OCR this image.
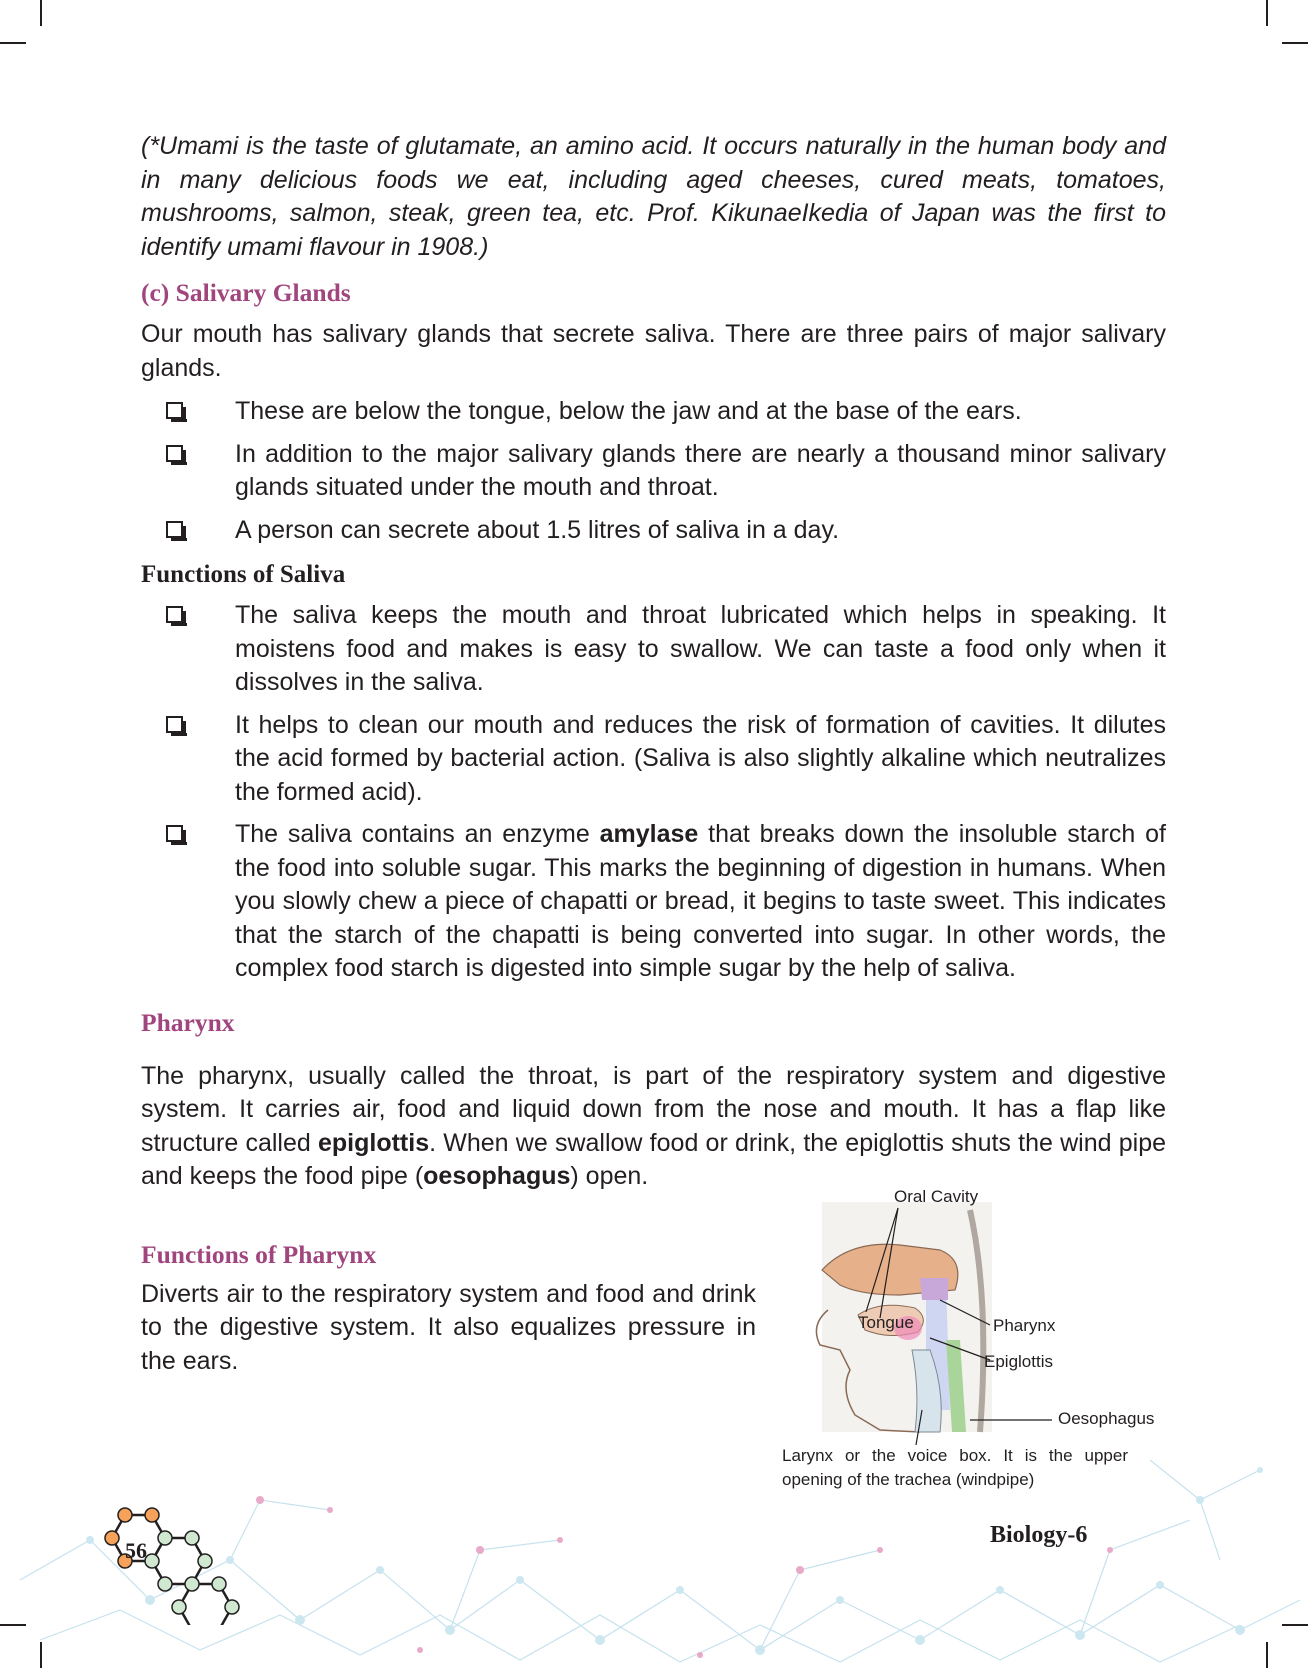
56
Biology-6

(*Umami is the taste of glutamate, an amino acid. It occurs naturally in the human body and in many delicious foods we eat, including aged cheeses, cured meats, tomatoes, mushrooms, salmon, steak, green tea, etc. Prof. KikunaeIkedia of Japan was the first to identify umami flavour in 1908.)

(c) Salivary Glands

Our mouth has salivary glands that secrete saliva. There are three pairs of major salivary glands.

These are below the tongue, below the jaw and at the base of the ears.
In addition to the major salivary glands there are nearly a thousand minor salivary glands situated under the mouth and throat.
A person can secrete about 1.5 litres of saliva in a day.
Functions of Saliva
The saliva keeps the mouth and throat lubricated which helps in speaking. It moistens food and makes is easy to swallow. We can taste a food only when it dissolves in the saliva.
It helps to clean our mouth and reduces the risk of formation of cavities. It dilutes the acid formed by bacterial action. (Saliva is also slightly alkaline which neutralizes the formed acid).
The saliva contains an enzyme amylase that breaks down the insoluble starch of the food into soluble sugar. This marks the beginning of digestion in humans. When you slowly chew a piece of chapatti or bread, it begins to taste sweet. This indicates that the starch of the chapatti is being converted into sugar. In other words, the complex food starch is digested into simple sugar by the help of saliva.
Pharynx

The pharynx, usually called the throat, is part of the respiratory system and digestive system. It carries air, food and liquid down from the nose and mouth. It has a flap like structure called epiglottis. When we swallow food or drink, the epiglottis shuts the wind pipe and keeps the food pipe (oesophagus) open.

Functions of Pharynx

Diverts air to the respiratory system and food and drink to the digestive system. It also equalizes pressure in the ears.

Oral Cavity
Tongue	Pharynx
Epiglottis
Oesophagus

Larynx or the voice box. It is the upper opening of the trachea (windpipe)
